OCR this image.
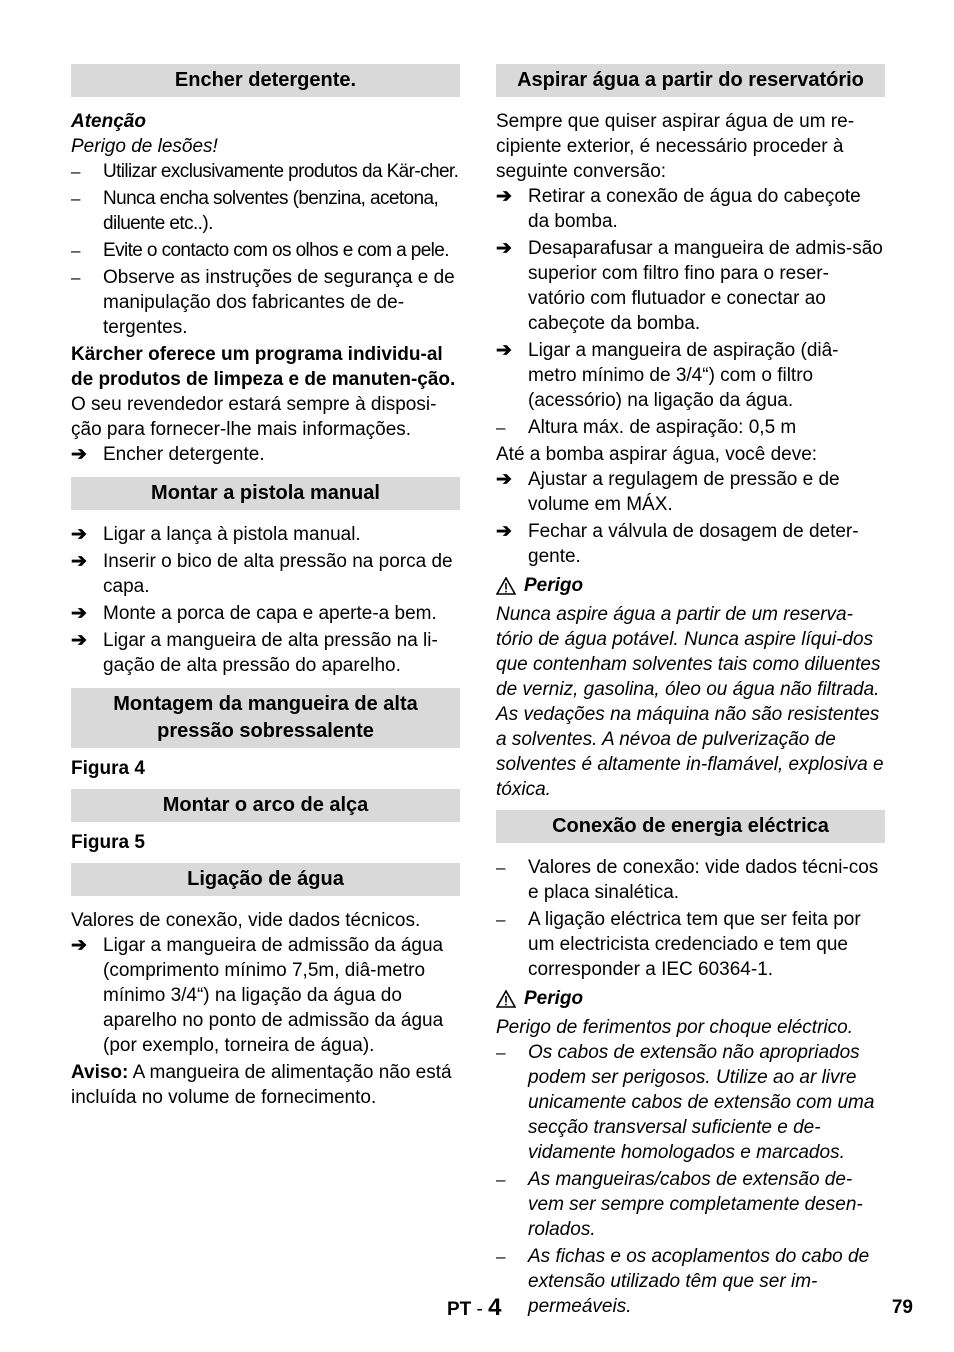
Encher detergente.
Atenção
Perigo de lesões!
–	Utilizar exclusivamente produtos da Kär-cher.
–	Nunca encha solventes (benzina, acetona, diluente etc..).
–	Evite o contacto com os olhos e com a pele.
–	Observe as instruções de segurança e de manipulação dos fabricantes de de-tergentes.
Kärcher oferece um programa individu-al de produtos de limpeza e de manuten-ção.
O seu revendedor estará sempre à disposi-ção para fornecer-lhe mais informações.
➔ Encher detergente.
Montar a pistola manual
➔ Ligar a lança à pistola manual.
➔ Inserir o bico de alta pressão na porca de capa.
➔ Monte a porca de capa e aperte-a bem.
➔ Ligar a mangueira de alta pressão na li-gação de alta pressão do aparelho.
Montagem da mangueira de alta pressão sobressalente
Figura 4
Montar o arco de alça
Figura 5
Ligação de água
Valores de conexão, vide dados técnicos.
➔ Ligar a mangueira de admissão da água (comprimento mínimo 7,5m, diâ-metro mínimo 3/4“) na ligação da água do aparelho no ponto de admissão da água (por exemplo, torneira de água).
Aviso: A mangueira de alimentação não está incluída no volume de fornecimento.
Aspirar água a partir do reservatório
Sempre que quiser aspirar água de um re-cipiente exterior, é necessário proceder à seguinte conversão:
➔ Retirar a conexão de água do cabeçote da bomba.
➔ Desaparafusar a mangueira de admis-são superior com filtro fino para o reser-vatório com flutuador e conectar ao cabeçote da bomba.
➔ Ligar a mangueira de aspiração (diâ-metro mínimo de 3/4“) com o filtro (acessório) na ligação da água.
–	Altura máx. de aspiração: 0,5 m
Até a bomba aspirar água, você deve:
➔ Ajustar a regulagem de pressão e de volume em MÁX.
➔ Fechar a válvula de dosagem de deter-gente.
Perigo
Nunca aspire água a partir de um reserva-tório de água potável. Nunca aspire líqui-dos que contenham solventes tais como diluentes de verniz, gasolina, óleo ou água não filtrada. As vedações na máquina não são resistentes a solventes. A névoa de pulverização de solventes é altamente in-flamável, explosiva e tóxica.
Conexão de energia eléctrica
–	Valores de conexão: vide dados técni-cos e placa sinalética.
–	A ligação eléctrica tem que ser feita por um electricista credenciado e tem que corresponder a IEC 60364-1.
Perigo
Perigo de ferimentos por choque eléctrico.
–	Os cabos de extensão não apropriados podem ser perigosos. Utilize ao ar livre unicamente cabos de extensão com uma secção transversal suficiente e de-vidamente homologados e marcados.
–	As mangueiras/cabos de extensão de-vem ser sempre completamente desen-rolados.
–	As fichas e os acoplamentos do cabo de extensão utilizado têm que ser im-permeáveis.
PT - 4	79
